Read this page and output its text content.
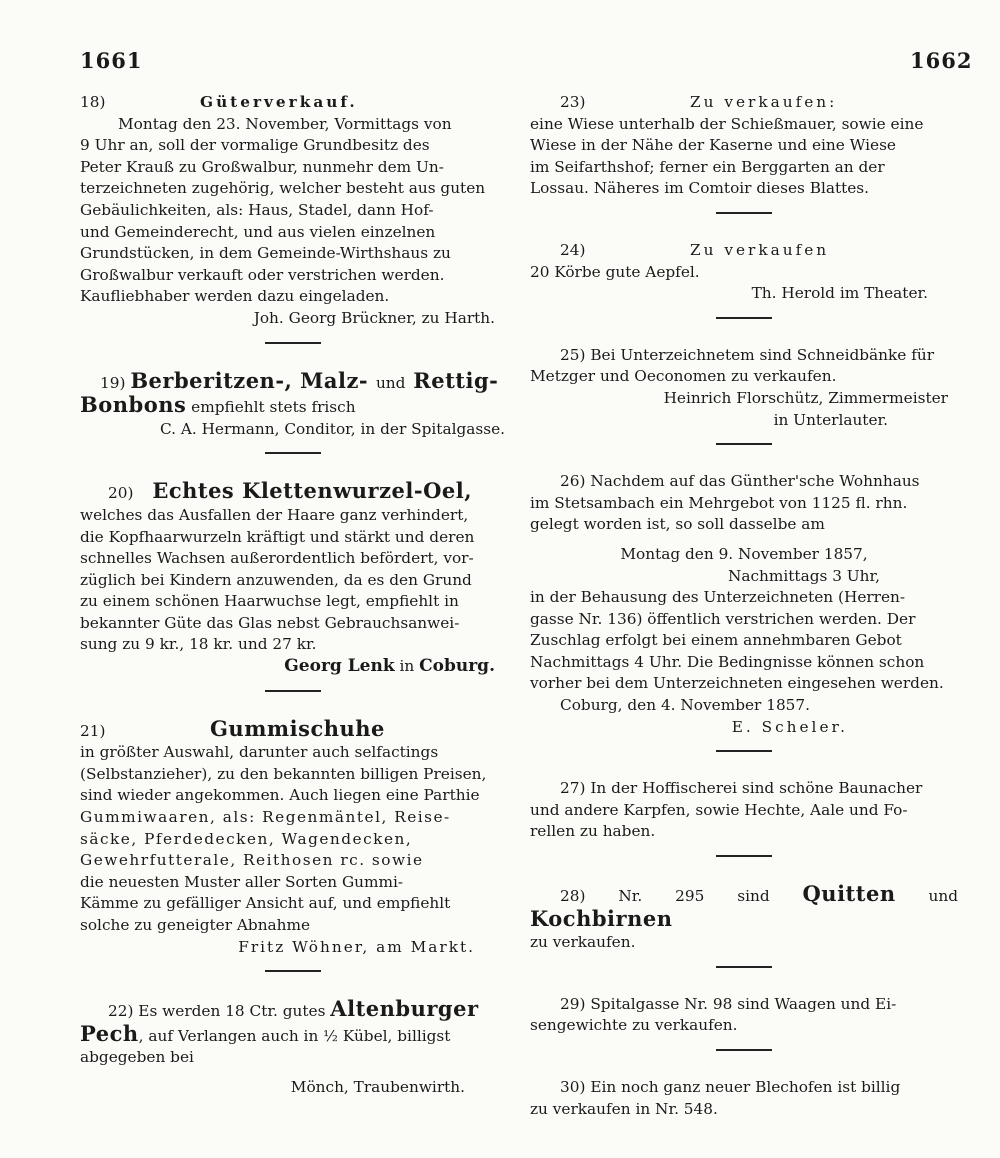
1661	1662
18)	Güterverkauf.

Montag den 23. November, Vormittags von

9 Uhr an, soll der vormalige Grundbesitz des

Peter Krauß zu Großwalbur, nunmehr dem Un-

terzeichneten zugehörig, welcher besteht aus guten

Gebäulichkeiten, als: Haus, Stadel, dann Hof-

und Gemeinderecht, und aus vielen einzelnen

Grundstücken, in dem Gemeinde-Wirthshaus zu

Großwalbur verkauft oder verstrichen werden.

Kaufliebhaber werden dazu eingeladen.

Joh. Georg Brückner, zu Harth.

19) Berberitzen-, Malz- und Rettig-

Bonbons empfiehlt stets frisch

C. A. Hermann, Conditor, in der Spitalgasse.

20) Echtes Klettenwurzel-Oel,

welches das Ausfallen der Haare ganz verhindert,

die Kopfhaarwurzeln kräftigt und stärkt und deren

schnelles Wachsen außerordentlich befördert, vor-

züglich bei Kindern anzuwenden, da es den Grund

zu einem schönen Haarwuchse legt, empfiehlt in

bekannter Güte das Glas nebst Gebrauchsanwei-

sung zu 9 kr., 18 kr. und 27 kr.

Georg Lenk in Coburg.

21)	Gummischuhe

in größter Auswahl, darunter auch selfactings

(Selbstanzieher), zu den bekannten billigen Preisen,

sind wieder angekommen. Auch liegen eine Parthie

Gummiwaaren, als: Regenmäntel, Reise-

säcke, Pferdedecken, Wagendecken,

Gewehrfutterale, Reithosen rc. sowie

die neuesten Muster aller Sorten Gummi-

Kämme zu gefälliger Ansicht auf, und empfiehlt

solche zu geneigter Abnahme

Fritz Wöhner, am Markt.

22) Es werden 18 Ctr. gutes Altenburger

Pech, auf Verlangen auch in ½ Kübel, billigst

abgegeben bei

Mönch, Traubenwirth.

23)	Zu verkaufen:

eine Wiese unterhalb der Schießmauer, sowie eine

Wiese in der Nähe der Kaserne und eine Wiese

im Seifarthshof; ferner ein Berggarten an der

Lossau. Näheres im Comtoir dieses Blattes.

24)	Zu verkaufen

20 Körbe gute Aepfel.

Th. Herold im Theater.

25) Bei Unterzeichnetem sind Schneidbänke für

Metzger und Oeconomen zu verkaufen.

Heinrich Florschütz, Zimmermeister

in Unterlauter.

26) Nachdem auf das Günther'sche Wohnhaus

im Stetsambach ein Mehrgebot von 1125 fl. rhn.

gelegt worden ist, so soll dasselbe am

Montag den 9. November 1857,

Nachmittags 3 Uhr,

in der Behausung des Unterzeichneten (Herren-

gasse Nr. 136) öffentlich verstrichen werden. Der

Zuschlag erfolgt bei einem annehmbaren Gebot

Nachmittags 4 Uhr. Die Bedingnisse können schon

vorher bei dem Unterzeichneten eingesehen werden.

Coburg, den 4. November 1857.

E. Scheler.

27) In der Hoffischerei sind schöne Baunacher

und andere Karpfen, sowie Hechte, Aale und Fo-

rellen zu haben.

28) Nr. 295 sind Quitten und Kochbirnen

zu verkaufen.

29) Spitalgasse Nr. 98 sind Waagen und Ei-

sengewichte zu verkaufen.

30) Ein noch ganz neuer Blechofen ist billig

zu verkaufen in Nr. 548.
